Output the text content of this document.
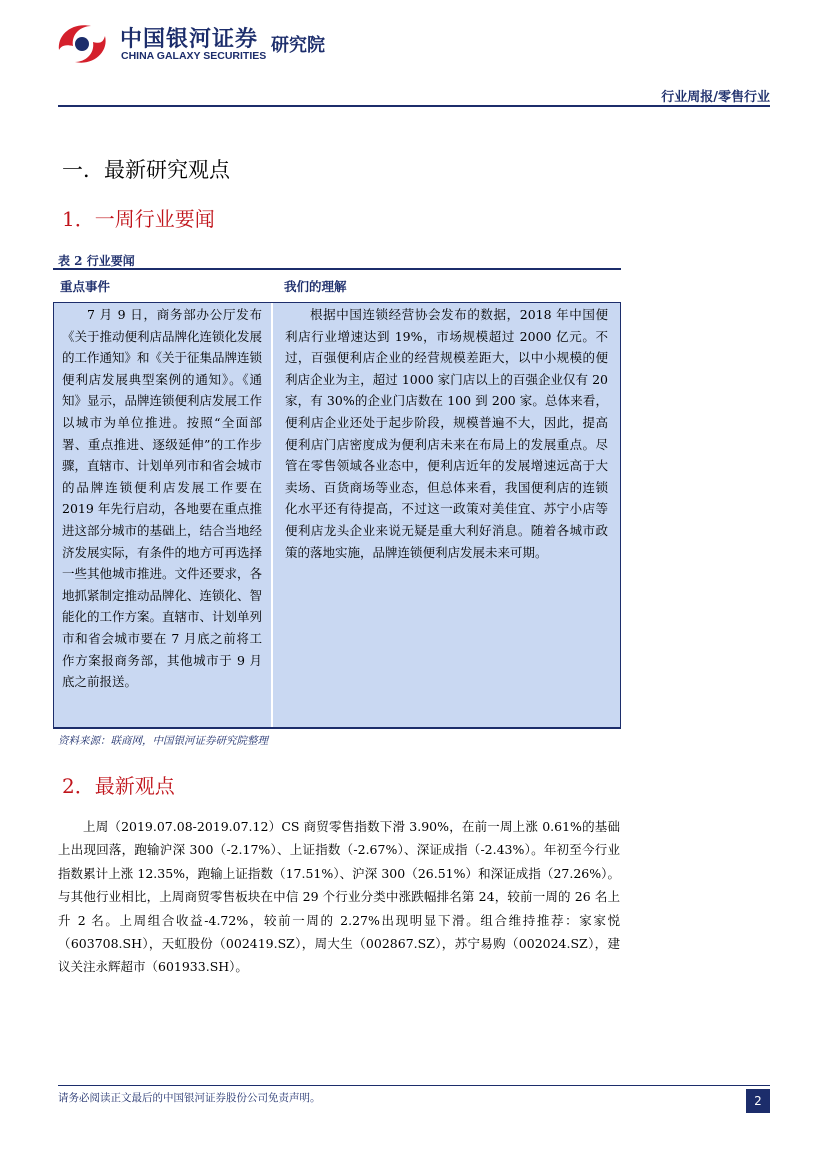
中国银河证券
CHINA GALAXY SECURITIES 研究院
行业周报/零售行业
一．最新研究观点
1．一周行业要闻
表 2 行业要闻
重点事件	我们的理解

7 月 9 日，商务部办公厅发布《关于推动便利店品牌化连锁化发展的工作通知》和《关于征集品牌连锁便利店发展典型案例的通知》。《通知》显示，品牌连锁便利店发展工作以城市为单位推进。按照“全面部署、重点推进、逐级延伸”的工作步骤，直辖市、计划单列市和省会城市的品牌连锁便利店发展工作要在 2019 年先行启动，各地要在重点推进这部分城市的基础上，结合当地经济发展实际，有条件的地方可再选择一些其他城市推进。文件还要求，各地抓紧制定推动品牌化、连锁化、智能化的工作方案。直辖市、计划单列市和省会城市要在 7 月底之前将工作方案报商务部，其他城市于 9 月底之前报送。

根据中国连锁经营协会发布的数据，2018 年中国便利店行业增速达到 19%，市场规模超过 2000 亿元。不过，百强便利店企业的经营规模差距大，以中小规模的便利店企业为主，超过 1000 家门店以上的百强企业仅有 20 家，有 30%的企业门店数在 100 到 200 家。总体来看，便利店企业还处于起步阶段，规模普遍不大，因此，提高便利店门店密度成为便利店未来在布局上的发展重点。尽管在零售领域各业态中，便利店近年的发展增速远高于大卖场、百货商场等业态，但总体来看，我国便利店的连锁化水平还有待提高，不过这一政策对美佳宜、苏宁小店等便利店龙头企业来说无疑是重大利好消息。随着各城市政策的落地实施，品牌连锁便利店发展未来可期。

资料来源：联商网，中国银河证券研究院整理
2．最新观点

上周（2019.07.08-2019.07.12）CS 商贸零售指数下滑 3.90%，在前一周上涨 0.61%的基础上出现回落，跑输沪深 300（-2.17%）、上证指数（-2.67%）、深证成指（-2.43%）。年初至今行业指数累计上涨 12.35%，跑输上证指数（17.51%）、沪深 300（26.51%）和深证成指（27.26%）。与其他行业相比，上周商贸零售板块在中信 29 个行业分类中涨跌幅排名第 24，较前一周的 26 名上升 2 名。上周组合收益-4.72%，较前一周的 2.27%出现明显下滑。组合维持推荐：家家悦（603708.SH），天虹股份（002419.SZ），周大生（002867.SZ），苏宁易购（002024.SZ），建议关注永辉超市（601933.SH）。

请务必阅读正文最后的中国银河证券股份公司免责声明。	2
